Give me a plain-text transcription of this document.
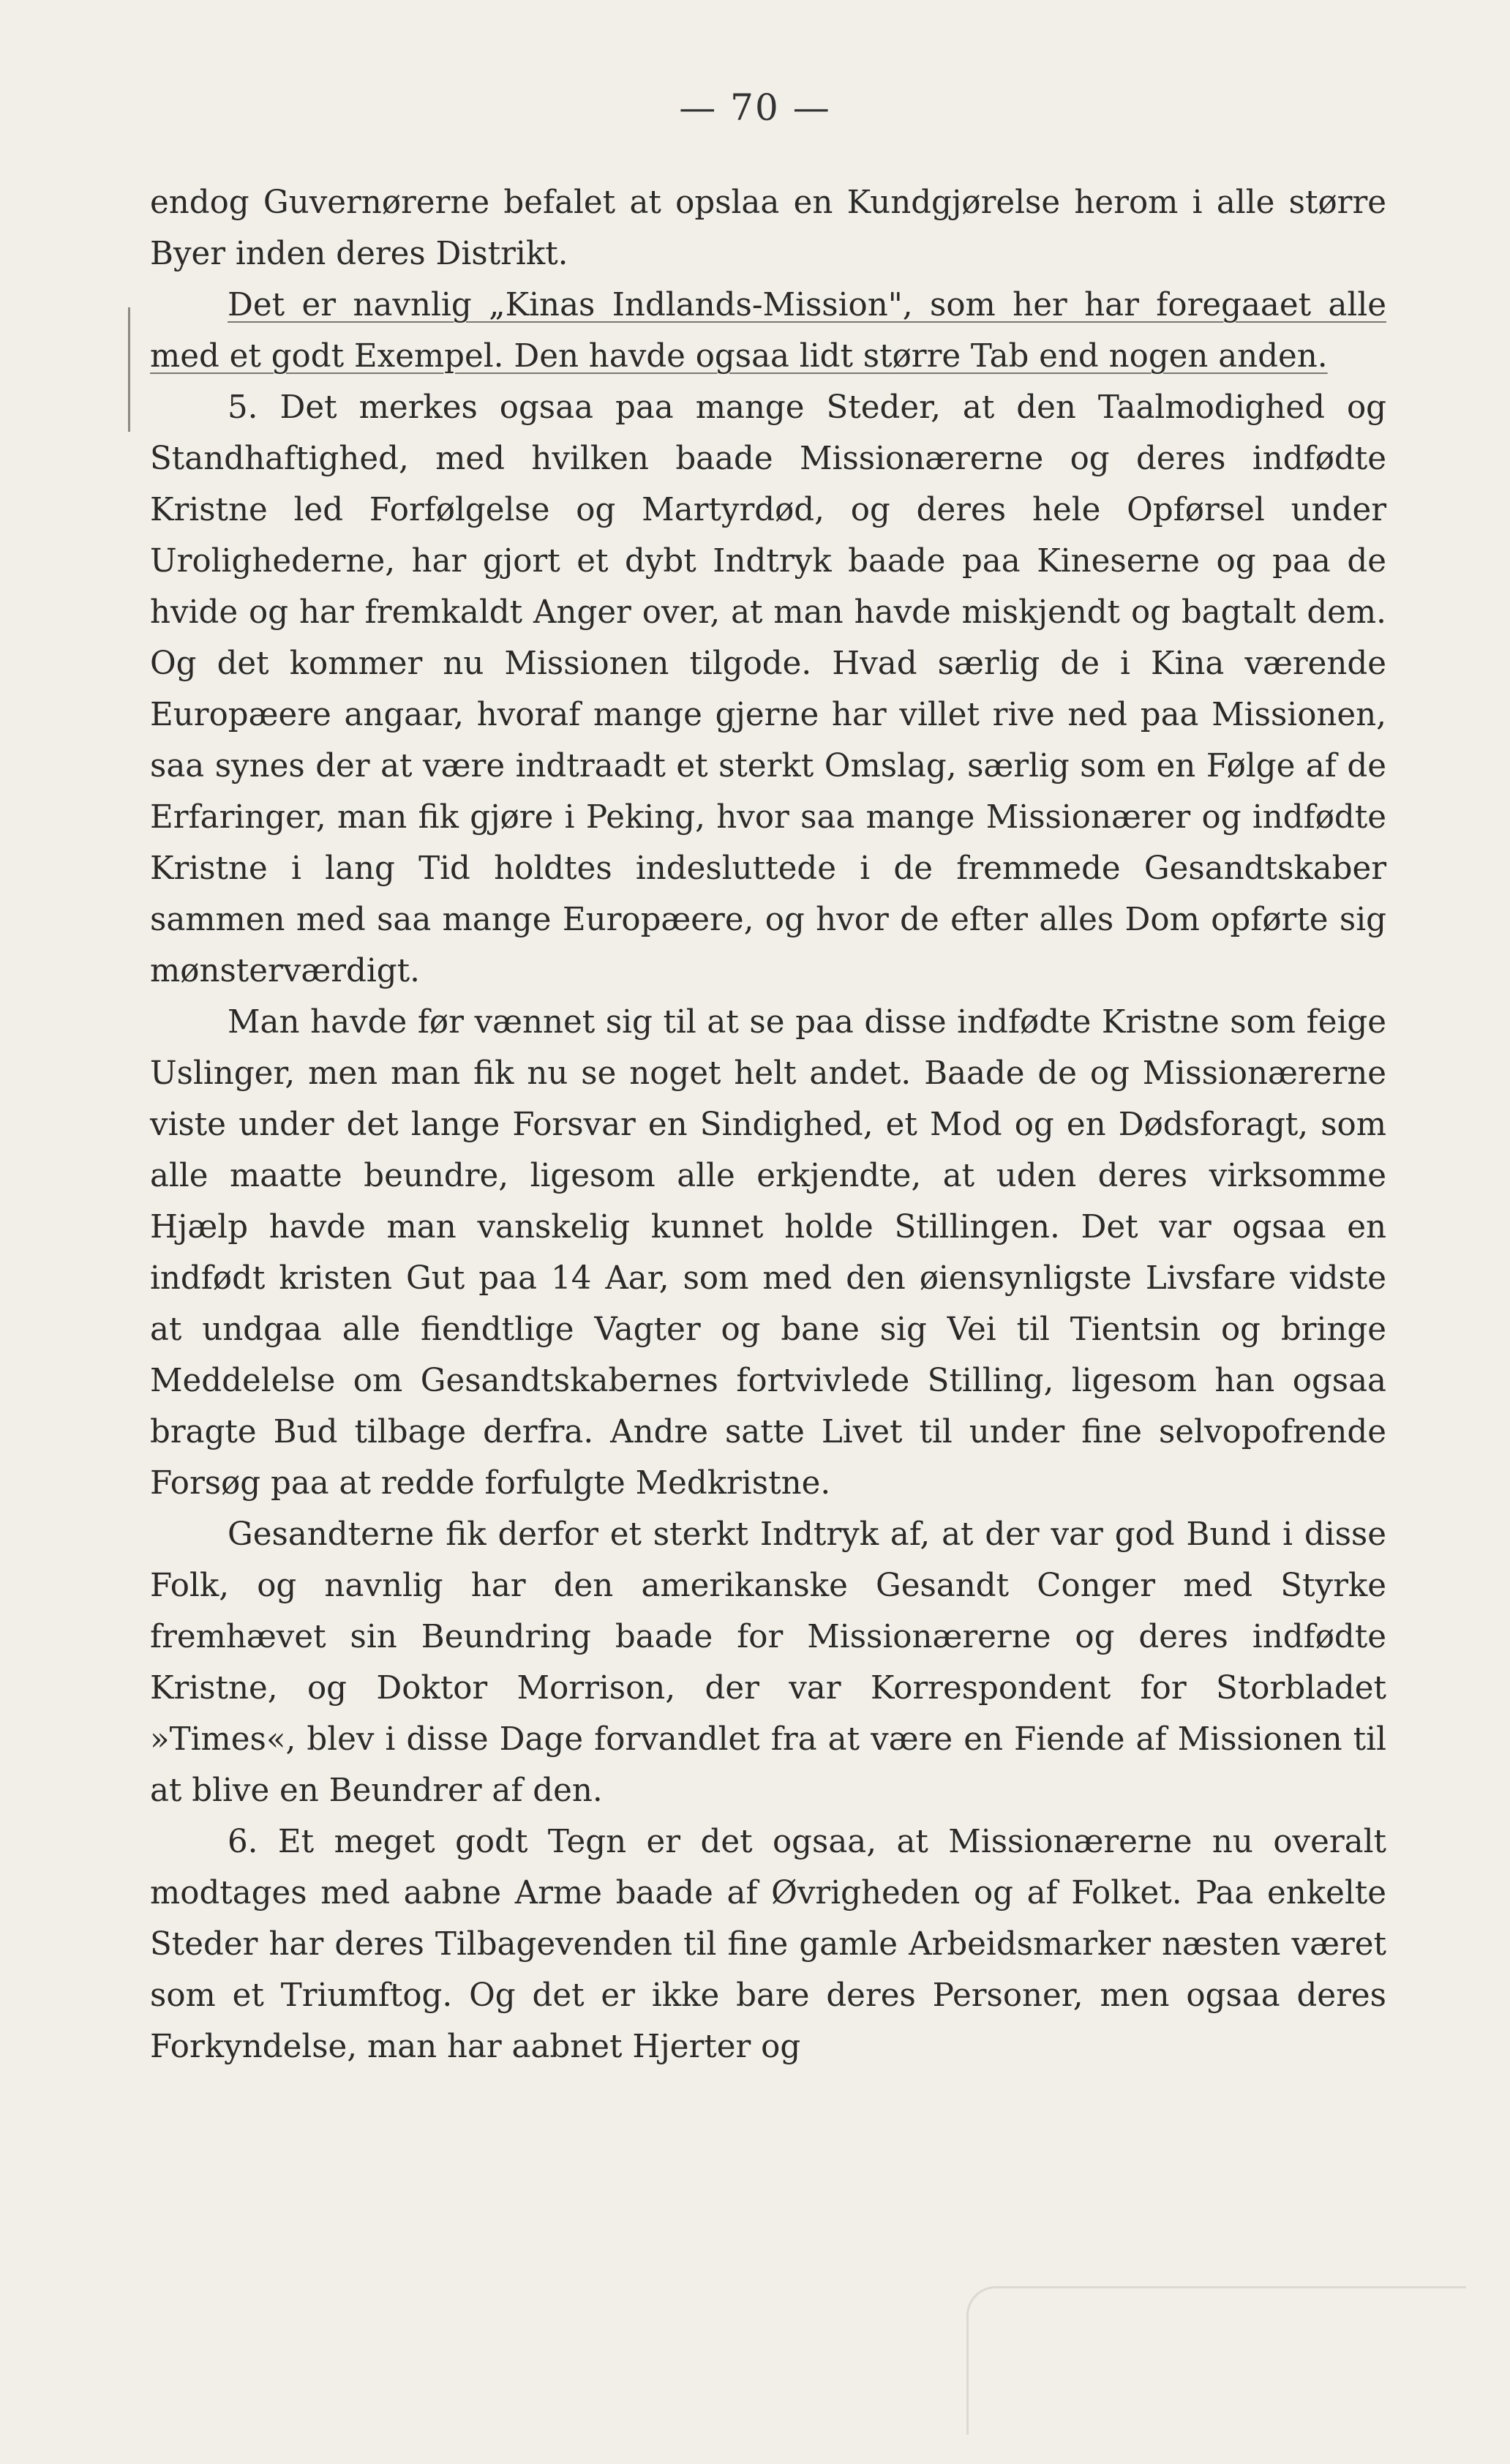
— 70 —

endog Guvernørerne befalet at opslaa en Kundgjørelse herom i alle større Byer inden deres Distrikt.

Det er navnlig „Kinas Indlands-Mission", som her har foregaaet alle med et godt Exempel. Den havde ogsaa lidt større Tab end nogen anden.

5. Det merkes ogsaa paa mange Steder, at den Taalmodighed og Standhaftighed, med hvilken baade Missionærerne og deres indfødte Kristne led Forfølgelse og Martyrdød, og deres hele Opførsel under Urolighederne, har gjort et dybt Indtryk baade paa Kineserne og paa de hvide og har fremkaldt Anger over, at man havde miskjendt og bagtalt dem. Og det kommer nu Missionen tilgode. Hvad særlig de i Kina værende Europæere angaar, hvoraf mange gjerne har villet rive ned paa Missionen, saa synes der at være indtraadt et sterkt Omslag, særlig som en Følge af de Erfaringer, man fik gjøre i Peking, hvor saa mange Missionærer og indfødte Kristne i lang Tid holdtes indesluttede i de fremmede Gesandtskaber sammen med saa mange Europæere, og hvor de efter alles Dom opførte sig mønsterværdigt.

Man havde før vænnet sig til at se paa disse indfødte Kristne som feige Uslinger, men man fik nu se noget helt andet. Baade de og Missionærerne viste under det lange Forsvar en Sindighed, et Mod og en Dødsforagt, som alle maatte beundre, ligesom alle erkjendte, at uden deres virksomme Hjælp havde man vanskelig kunnet holde Stillingen. Det var ogsaa en indfødt kristen Gut paa 14 Aar, som med den øiensynligste Livsfare vidste at undgaa alle fiendtlige Vagter og bane sig Vei til Tientsin og bringe Meddelelse om Gesandtskabernes fortvivlede Stilling, ligesom han ogsaa bragte Bud tilbage derfra. Andre satte Livet til under fine selvopofrende Forsøg paa at redde forfulgte Medkristne.

Gesandterne fik derfor et sterkt Indtryk af, at der var god Bund i disse Folk, og navnlig har den amerikanske Gesandt Conger med Styrke fremhævet sin Beundring baade for Missionærerne og deres indfødte Kristne, og Doktor Morrison, der var Korrespondent for Storbladet »Times«, blev i disse Dage forvandlet fra at være en Fiende af Missionen til at blive en Beundrer af den.

6. Et meget godt Tegn er det ogsaa, at Missionærerne nu overalt modtages med aabne Arme baade af Øvrigheden og af Folket. Paa enkelte Steder har deres Tilbagevenden til fine gamle Arbeidsmarker næsten været som et Triumftog. Og det er ikke bare deres Personer, men ogsaa deres Forkyndelse, man har aabnet Hjerter og
